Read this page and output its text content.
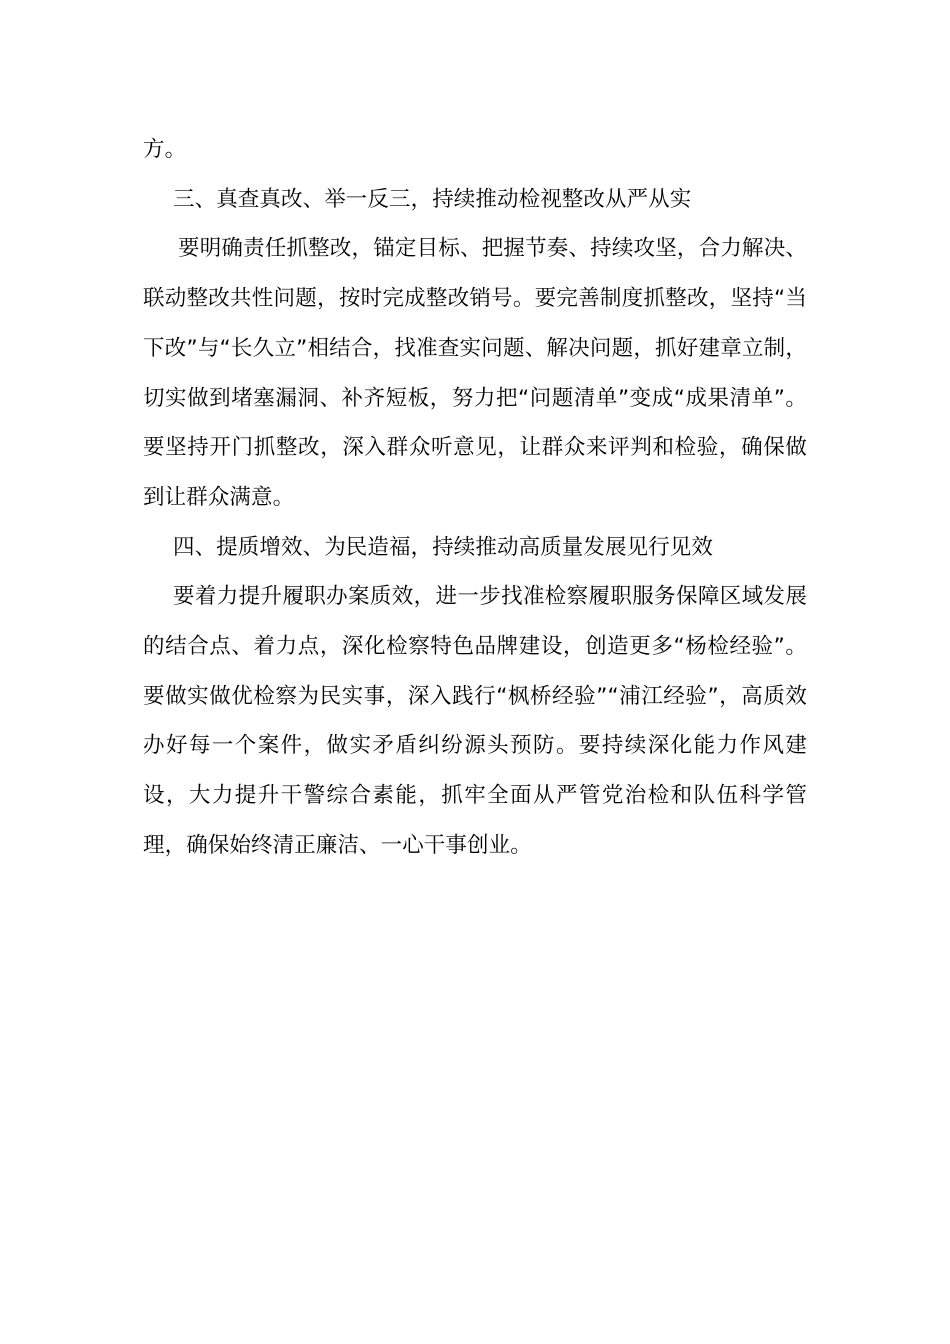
方。

三、真查真改、举一反三，持续推动检视整改从严从实

要明确责任抓整改，锚定目标、把握节奏、持续攻坚，合力解决、联动整改共性问题，按时完成整改销号。要完善制度抓整改，坚持“当下改”与“长久立”相结合，找准查实问题、解决问题，抓好建章立制，切实做到堵塞漏洞、补齐短板，努力把“问题清单”变成“成果清单”。要坚持开门抓整改，深入群众听意见，让群众来评判和检验，确保做到让群众满意。

四、提质增效、为民造福，持续推动高质量发展见行见效

要着力提升履职办案质效，进一步找准检察履职服务保障区域发展的结合点、着力点，深化检察特色品牌建设，创造更多“杨检经验”。要做实做优检察为民实事，深入践行“枫桥经验”“浦江经验”，高质效办好每一个案件，做实矛盾纠纷源头预防。要持续深化能力作风建设，大力提升干警综合素能，抓牢全面从严管党治检和队伍科学管理，确保始终清正廉洁、一心干事创业。
